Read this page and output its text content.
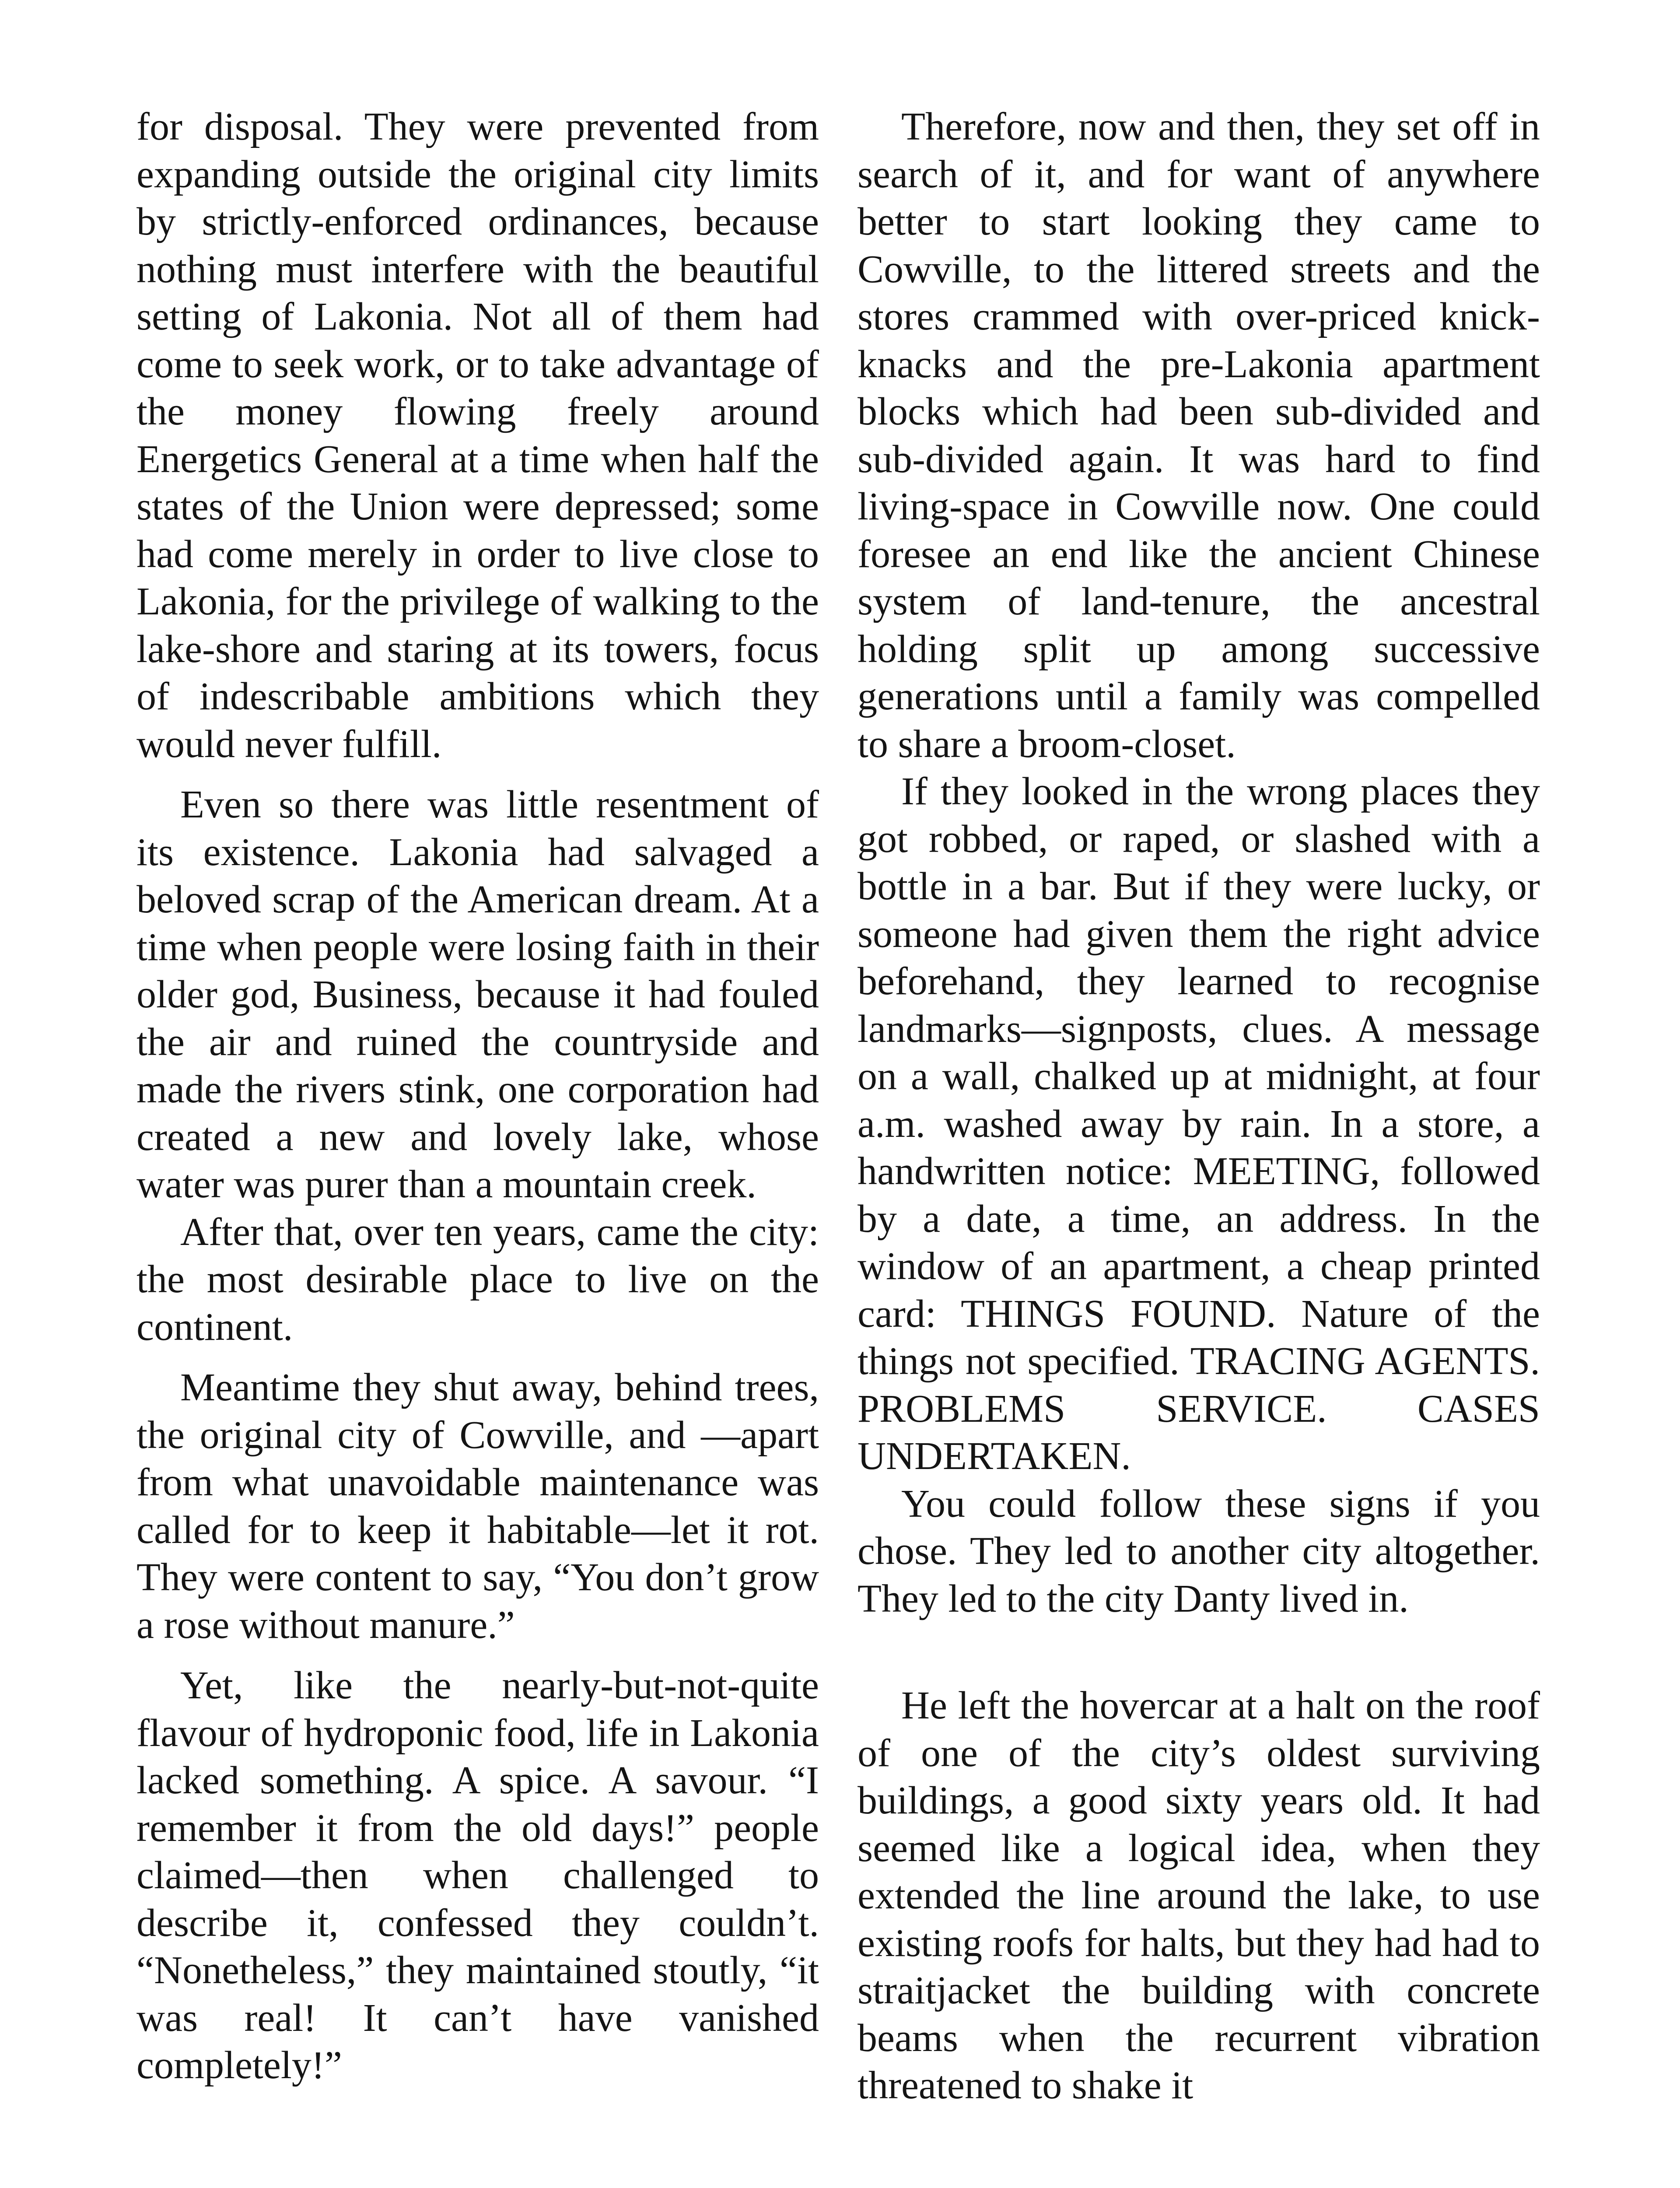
for disposal. They were prevented from expanding outside the original city limits by strictly-enforced ordinances, because nothing must interfere with the beautiful setting of Lakonia. Not all of them had come to seek work, or to take advantage of the money flowing freely around Energetics General at a time when half the states of the Union were depressed; some had come merely in order to live close to Lakonia, for the privilege of walking to the lake-shore and staring at its towers, focus of indescribable ambitions which they would never fulfill.

Even so there was little resentment of its existence. Lakonia had salvaged a beloved scrap of the American dream. At a time when people were losing faith in their older god, Business, because it had fouled the air and ruined the countryside and made the rivers stink, one corporation had created a new and lovely lake, whose water was purer than a mountain creek.

After that, over ten years, came the city: the most desirable place to live on the continent.

Meantime they shut away, behind trees, the original city of Cowville, and —apart from what unavoidable maintenance was called for to keep it habitable—let it rot. They were content to say, “You don’t grow a rose without manure.”

Yet, like the nearly-but-not-quite flavour of hydroponic food, life in Lakonia lacked something. A spice. A savour. “I remember it from the old days!” people claimed—then when challenged to describe it, confessed they couldn’t. “Nonetheless,” they maintained stoutly, “it was real! It can’t have vanished completely!”

Therefore, now and then, they set off in search of it, and for want of anywhere better to start looking they came to Cowville, to the littered streets and the stores crammed with over-priced knick-knacks and the pre-Lakonia apartment blocks which had been sub-divided and sub-divided again. It was hard to find living-space in Cowville now. One could foresee an end like the ancient Chinese system of land-tenure, the ancestral holding split up among successive generations until a family was compelled to share a broom-closet.

If they looked in the wrong places they got robbed, or raped, or slashed with a bottle in a bar. But if they were lucky, or someone had given them the right advice beforehand, they learned to recognise landmarks—signposts, clues. A message on a wall, chalked up at midnight, at four a.m. washed away by rain. In a store, a handwritten notice: MEETING, followed by a date, a time, an address. In the window of an apartment, a cheap printed card: THINGS FOUND. Nature of the things not specified. TRACING AGENTS. PROBLEMS SERVICE. CASES UNDERTAKEN.

You could follow these signs if you chose. They led to another city altogether. They led to the city Danty lived in.

He left the hovercar at a halt on the roof of one of the city’s oldest surviving buildings, a good sixty years old. It had seemed like a logical idea, when they extended the line around the lake, to use existing roofs for halts, but they had had to straitjacket the building with concrete beams when the recurrent vibration threatened to shake it
